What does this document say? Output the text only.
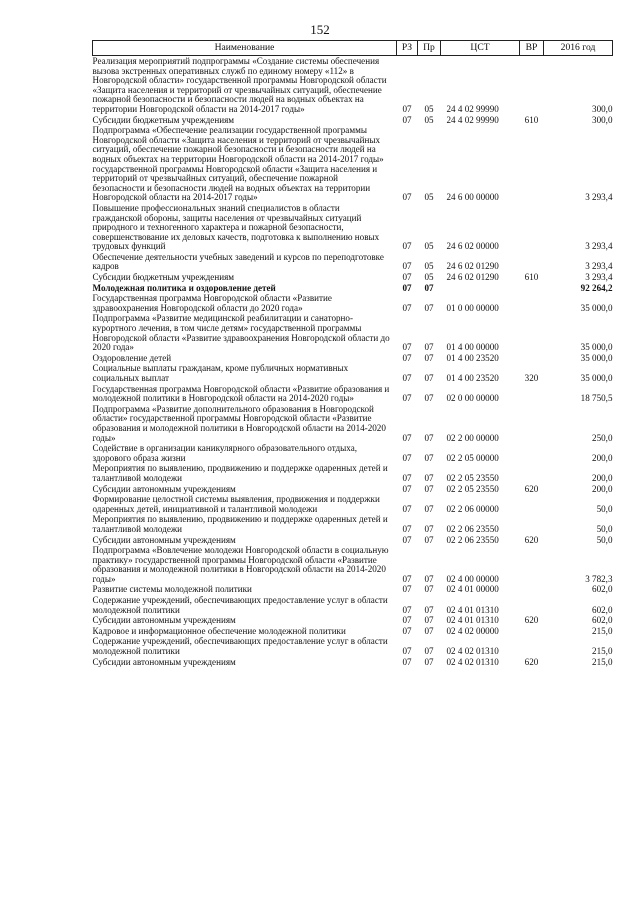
152
Наименование	РЗ	Пр	ЦСТ	ВР	2016 год
Реализация мероприятий подпрограммы «Создание системы обеспечения вызова экстренных оперативных служб по единому номеру «112» в Новгородской области» государственной программы Новгородской области «Защита населения и территорий от чрезвычайных ситуаций, обеспечение пожарной безопасности и безопасности людей на водных объектах на территории Новгородской области на 2014-2017 годы»	07	05	24 4 02 99990		300,0
Субсидии бюджетным учреждениям	07	05	24 4 02 99990	610	300,0
Подпрограмма «Обеспечение реализации государственной программы Новгородской области «Защита населения и территорий от чрезвычайных ситуаций, обеспечение пожарной безопасности и безопасности людей на водных объектах на территории Новгородской области на 2014-2017 годы» государственной программы Новгородской области «Защита населения и территорий от чрезвычайных ситуаций, обеспечение пожарной безопасности и безопасности людей на водных объектах на территории Новгородской области на 2014-2017 годы»	07	05	24 6 00 00000		3 293,4
Повышение профессиональных знаний специалистов в области гражданской обороны, защиты населения от чрезвычайных ситуаций природного и техногенного характера и пожарной безопасности, совершенствование их деловых качеств, подготовка к выполнению новых трудовых функций	07	05	24 6 02 00000		3 293,4
Обеспечение деятельности учебных заведений и курсов по переподготовке кадров	07	05	24 6 02 01290		3 293,4
Субсидии бюджетным учреждениям	07	05	24 6 02 01290	610	3 293,4
Молодежная политика и оздоровление детей	07	07			92 264,2
Государственная программа Новгородской области «Развитие здравоохранения Новгородской области до 2020 года»	07	07	01 0 00 00000		35 000,0
Подпрограмма «Развитие медицинской реабилитации и санаторно-курортного лечения, в том числе детям» государственной программы Новгородской области «Развитие здравоохранения Новгородской области до 2020 года»	07	07	01 4 00 00000		35 000,0
Оздоровление детей	07	07	01 4 00 23520		35 000,0
Социальные выплаты гражданам, кроме публичных нормативных социальных выплат	07	07	01 4 00 23520	320	35 000,0
Государственная программа Новгородской области «Развитие образования и молодежной политики в Новгородской области на 2014-2020 годы»	07	07	02 0 00 00000		18 750,5
Подпрограмма «Развитие дополнительного образования в Новгородской области» государственной программы Новгородской области «Развитие образования и молодежной политики в Новгородской области на 2014-2020 годы»	07	07	02 2 00 00000		250,0
Содействие в организации каникулярного образовательного отдыха, здорового образа жизни	07	07	02 2 05 00000		200,0
Мероприятия по выявлению, продвижению и поддержке одаренных детей и талантливой молодежи	07	07	02 2 05 23550		200,0
Субсидии автономным учреждениям	07	07	02 2 05 23550	620	200,0
Формирование целостной системы выявления, продвижения и поддержки одаренных детей, инициативной и талантливой молодежи	07	07	02 2 06 00000		50,0
Мероприятия по выявлению, продвижению и поддержке одаренных детей и талантливой молодежи	07	07	02 2 06 23550		50,0
Субсидии автономным учреждениям	07	07	02 2 06 23550	620	50,0
Подпрограмма «Вовлечение молодежи Новгородской области в социальную практику» государственной программы Новгородской области «Развитие образования и молодежной политики в Новгородской области на 2014-2020 годы»	07	07	02 4 00 00000		3 782,3
Развитие системы молодежной политики	07	07	02 4 01 00000		602,0
Содержание учреждений, обеспечивающих предоставление услуг в области молодежной политики	07	07	02 4 01 01310		602,0
Субсидии автономным учреждениям	07	07	02 4 01 01310	620	602,0
Кадровое и информационное обеспечение молодежной политики	07	07	02 4 02 00000		215,0
Содержание учреждений, обеспечивающих предоставление услуг в области молодежной политики	07	07	02 4 02 01310		215,0
Субсидии автономным учреждениям	07	07	02 4 02 01310	620	215,0
